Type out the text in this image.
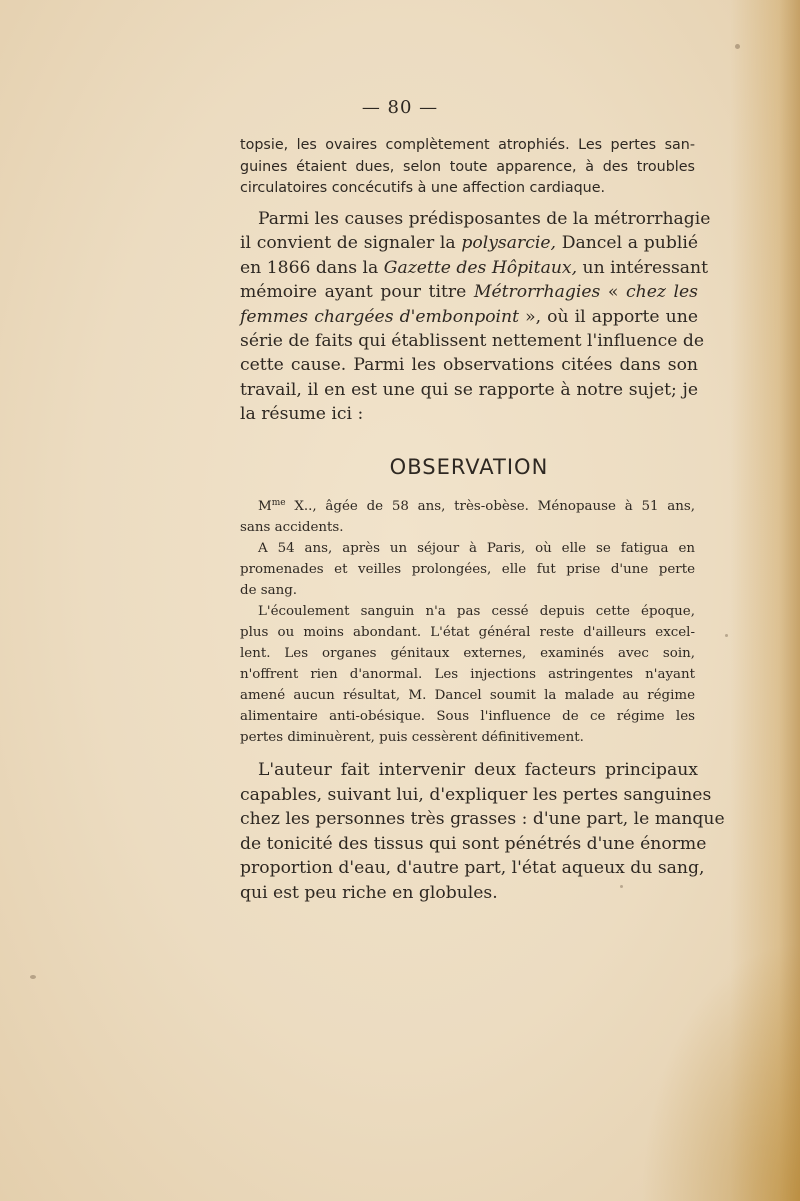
— 80 —
topsie, les ovaires complètement atrophiés. Les pertes san-
guines étaient dues, selon toute apparence, à des troubles
circulatoires concécutifs à une affection cardiaque.
Parmi les causes prédisposantes de la métrorrhagie
il convient de signaler la polysarcie, Dancel a publié
en 1866 dans la Gazette des Hôpitaux, un intéressant
mémoire ayant pour titre Métrorrhagies « chez les
femmes chargées d'embonpoint », où il apporte une
série de faits qui établissent nettement l'influence de
cette cause. Parmi les observations citées dans son
travail, il en est une qui se rapporte à notre sujet; je
la résume ici :
OBSERVATION
$M^{me}$ X.., âgée de 58 ans, très-obèse. Ménopause à 51 ans,
sans accidents.
A 54 ans, après un séjour à Paris, où elle se fatigua en
promenades et veilles prolongées, elle fut prise d'une perte
de sang.
L'écoulement sanguin n'a pas cessé depuis cette époque,
plus ou moins abondant. L'état général reste d'ailleurs excel-
lent. Les organes génitaux externes, examinés avec soin,
n'offrent rien d'anormal. Les injections astringentes n'ayant
amené aucun résultat, M. Dancel soumit la malade au régime
alimentaire anti-obésique. Sous l'influence de ce régime les
pertes diminuèrent, puis cessèrent définitivement.
L'auteur fait intervenir deux facteurs principaux
capables, suivant lui, d'expliquer les pertes sanguines
chez les personnes très grasses : d'une part, le manque
de tonicité des tissus qui sont pénétrés d'une énorme
proportion d'eau, d'autre part, l'état aqueux du sang,
qui est peu riche en globules.
